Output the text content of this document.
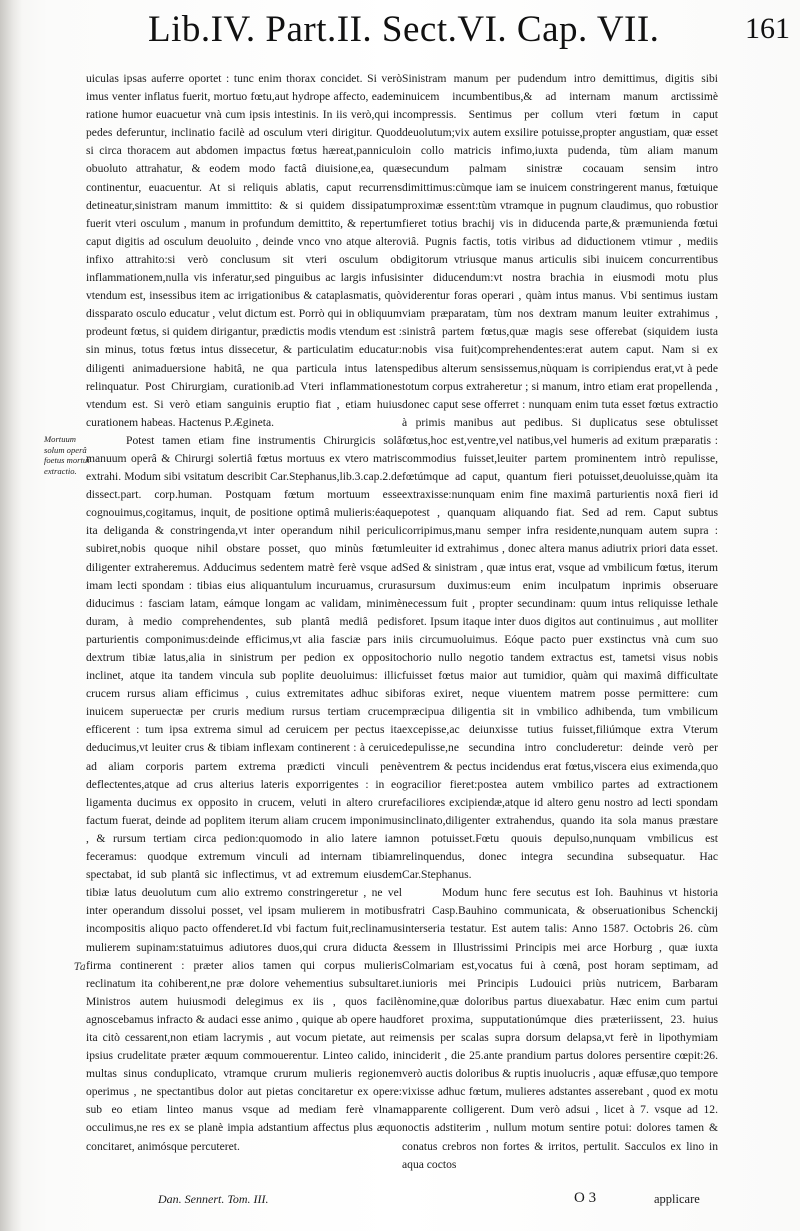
Lib.IV. Part.II. Sect.VI. Cap. VII.	161
Mortuum solum operâ foetus mortui extractio.
Ta

uiculas ipsas auferre oportet : tunc enim thorax concidet. Si verò imus venter inflatus fuerit, mortuo fœtu,aut hydrope affecto, eadem ratione humor euacuetur vnà cum ipsis intestinis. In iis verò,qui in pedes deferuntur, inclinatio facilè ad osculum vteri dirigitur. Quod si circa thoracem aut abdomen impactus fœtus hæreat,panniculo obuoluto attrahatur, & eodem modo factâ diuisione,ea, quæ continentur, euacuentur. At si reliquis ablatis, caput recurrens detineatur,sinistram manum immittito: & si quidem dissipatum fuerit vteri osculum , manum in profundum demittito, & repertum caput digitis ad osculum deuoluito , deinde vnco vno atque altero infixo attrahito:si verò conclusum sit vteri osculum ob inflammationem,nulla vis inferatur,sed pinguibus ac largis infusis vtendum est, insessibus item ac irrigationibus & cataplasmatis, quò dissparato osculo educatur , velut dictum est. Porrò qui in obliquum prodeunt fœtus, si quidem dirigantur, prædictis modis vtendum est : sin minus, totus fœtus intus dissecetur, & particulatim educatur: diligenti animaduersione habitâ, ne qua particula intus latens relinquatur. Post Chirurgiam, curationib.ad Vteri inflammationes vtendum est. Si verò etiam sanguinis eruptio fiat , etiam huius curationem habeas. Hactenus P.Ægineta.

Potest tamen etiam fine instrumentis Chirurgicis solâ manuum operâ & Chirurgi solertiâ fœtus mortuus ex vtero matris extrahi. Modum sibi vsitatum describit Car.Stephanus,lib.3.cap.2.de dissect.part. corp.human. Postquam fœtum mortuum esse cognouimus,cogitamus, inquit, de positione optimâ mulieris:éaque ita deliganda & constringenda,vt inter operandum nihil periculi subiret,nobis quoque nihil obstare posset, quo minùs fœtum diligenter extraheremus. Adducimus sedentem matrè ferè vsque ad imam lecti spondam : tibias eius aliquantulum incuruamus, crura diducimus : fasciam latam, eámque longam ac validam, minimè duram, à medio comprehendentes, sub plantâ mediâ pedis parturientis componimus:deinde efficimus,vt alia fasciæ pars in dextrum tibiæ latus,alia in sinistrum per pedion ex opposito inclinet, atque ita tandem vincula sub poplite deuoluimus: illic crucem rursus aliam efficimus , cuius extremitates adhuc sibi inuicem superuectæ per cruris medium rursus tertiam crucem efficerent : tum ipsa extrema simul ad ceruicem per pectus ita deducimus,vt leuiter crus & tibiam inflexam continerent : à ceruice ad aliam corporis partem extrema prædicti vinculi penè deflectentes,atque ad crus alterius lateris exporrigentes : in eo ligamenta ducimus ex opposito in crucem, veluti in altero crure factum fuerat, deinde ad poplitem iterum aliam crucem imponimus , & rursum tertiam circa pedion:quomodo in alio latere iam feceramus: quodque extremum vinculi ad internam tibiam spectabat, id sub plantâ sic inflectimus, vt ad extremum eiusdem tibiæ latus deuolutum cum alio extremo constringeretur , ne vel inter operandum dissolui posset, vel ipsam mulierem in motibus incompositis aliquo pacto offenderet.Id vbi factum fuit,reclinamus mulierem supinam:statuimus adiutores duos,qui crura diducta & firma continerent : præter alios tamen qui corpus mulieris reclinatum ita cohiberent,ne præ dolore vehementius subsultaret. Ministros autem huiusmodi delegimus ex iis , quos facilè agnoscebamus infracto & audaci esse animo , quique ab opere haud ita citò cessarent,non etiam lacrymis , aut vocum pietate, aut rei ipsius crudelitate præter æquum commouerentur. Linteo calido, in multas sinus conduplicato, vtramque crurum mulieris regionem operimus , ne spectantibus dolor aut pietas concitaretur ex opere: sub eo etiam linteo manus vsque ad mediam ferè vlnam occulimus,ne res ex se planè impia adstantium affectus plus æquo concitaret, animósque percuteret.

Sinistram manum per pudendum intro demittimus, digitis sibi inuicem incumbentibus,& ad internam manum arctissimè compressis. Sentimus per collum vteri fœtum in caput deuolutum;vix autem exsilire potuisse,propter angustiam, quæ esset in collo matricis infimo,iuxta pudenda, tùm aliam manum secundum palmam sinistræ cocauam sensim intro dimittimus:cùmque iam se inuicem constringerent manus, fœtuique proximæ essent:tùm vtramque in pugnum claudimus, quo robustior fieret totius brachij vis in diducenda parte,& præmunienda fœtui viâ. Pugnis factis, totis viribus ad diductionem vtimur , mediis digitorum vtriusque manus articulis sibi inuicem concurrentibus inter diducendum:vt nostra brachia in eiusmodi motu plus viderentur foras operari , quàm intus manus. Vbi sentimus iustam viam præparatam, tùm nos dextram manum leuiter extrahimus , sinistrâ partem fœtus,quæ magis sese offerebat (siquidem iusta nobis visa fuit)comprehendentes:erat autem caput. Nam si ex pedibus alterum sensissemus,nùquam is corripiendus erat,vt à pede totum corpus extraheretur ; si manum, intro etiam erat propellenda , donec caput sese offerret : nunquam enim tuta esset fœtus extractio à primis manibus aut pedibus. Si duplicatus sese obtulisset fœtus,hoc est,ventre,vel natibus,vel humeris ad exitum præparatis : commodius fuisset,leuiter partem prominentem intrò repulisse, fœtúmque ad caput, quantum fieri potuisset,deuoluisse,quàm ita extraxisse:nunquam enim fine maximâ parturientis noxâ fieri id potest , quanquam aliquando fiat. Sed ad rem. Caput subtus corripimus,manu semper infra residente,nunquam autem supra : leuiter id extrahimus , donec altera manus adiutrix priori data esset. Sed & sinistram , quæ intus erat, vsque ad vmbilicum fœtus, iterum sursum duximus:eum enim inculpatum inprimis obseruare necessum fuit , propter secundinam: quum intus reliquisse lethale foret. Ipsum itaque inter duos digitos aut continuimus , aut molliter iis circumuoluimus. Eóque pacto puer exstinctus vnà cum suo chorio nullo negotio tandem extractus est, tametsi visus nobis fuisset fœtus maior aut tumidior, quàm qui maximâ difficultate foras exiret, neque viuentem matrem posse permittere: cum præcipua diligentia sit in vmbilico adhibenda, tum vmbilicum excepisse,ac deiunxisse tutius fuisset,filiúmque extra Vterum depulisse,ne secundina intro concluderetur: deinde verò per ventrem & pectus incidendus erat fœtus,viscera eius eximenda,quo gracilior fieret:postea autem vmbilico partes ad extractionem faciliores excipiendæ,atque id altero genu nostro ad lecti spondam inclinato,diligenter extrahendus, quando ita sola manus præstare non potuisset.Fœtu quouis depulso,nunquam vmbilicus est relinquendus, donec integra secundina subsequatur. Hac Car.Stephanus.

Modum hunc fere secutus est Ioh. Bauhinus vt historia fratri Casp.Bauhino communicata, & obseruationibus Schenckij interseria testatur. Est autem talis: Anno 1587. Octobris 26. cùm essem in Illustrissimi Principis mei arce Horburg , quæ iuxta Colmariam est,vocatus fui à cœnâ, post horam septimam, ad iunioris mei Principis Ludouici priùs nutricem, Barbaram nomine,quæ doloribus partus diuexabatur. Hæc enim cum partui foret proxima, supputationúmque dies præteriissent, 23. huius mensis per scalas supra dorsum delapsa,vt ferè in lipothymiam inciderit , die 25.ante prandium partus dolores persentire cœpit:26. verò auctis doloribus & ruptis inuolucris , aquæ effusæ,quo tempore vixisse adhuc fœtum, mulieres adstantes asserebant , quod ex motu apparente colligerent. Dum verò adsui , licet à 7. vsque ad 12. noctis adstiterim , nullum motum sentire potui: dolores tamen & conatus crebros non fortes & irritos, pertulit. Sacculos ex lino in aqua coctos

Dan. Sennert. Tom. III.	O 3	applicare
